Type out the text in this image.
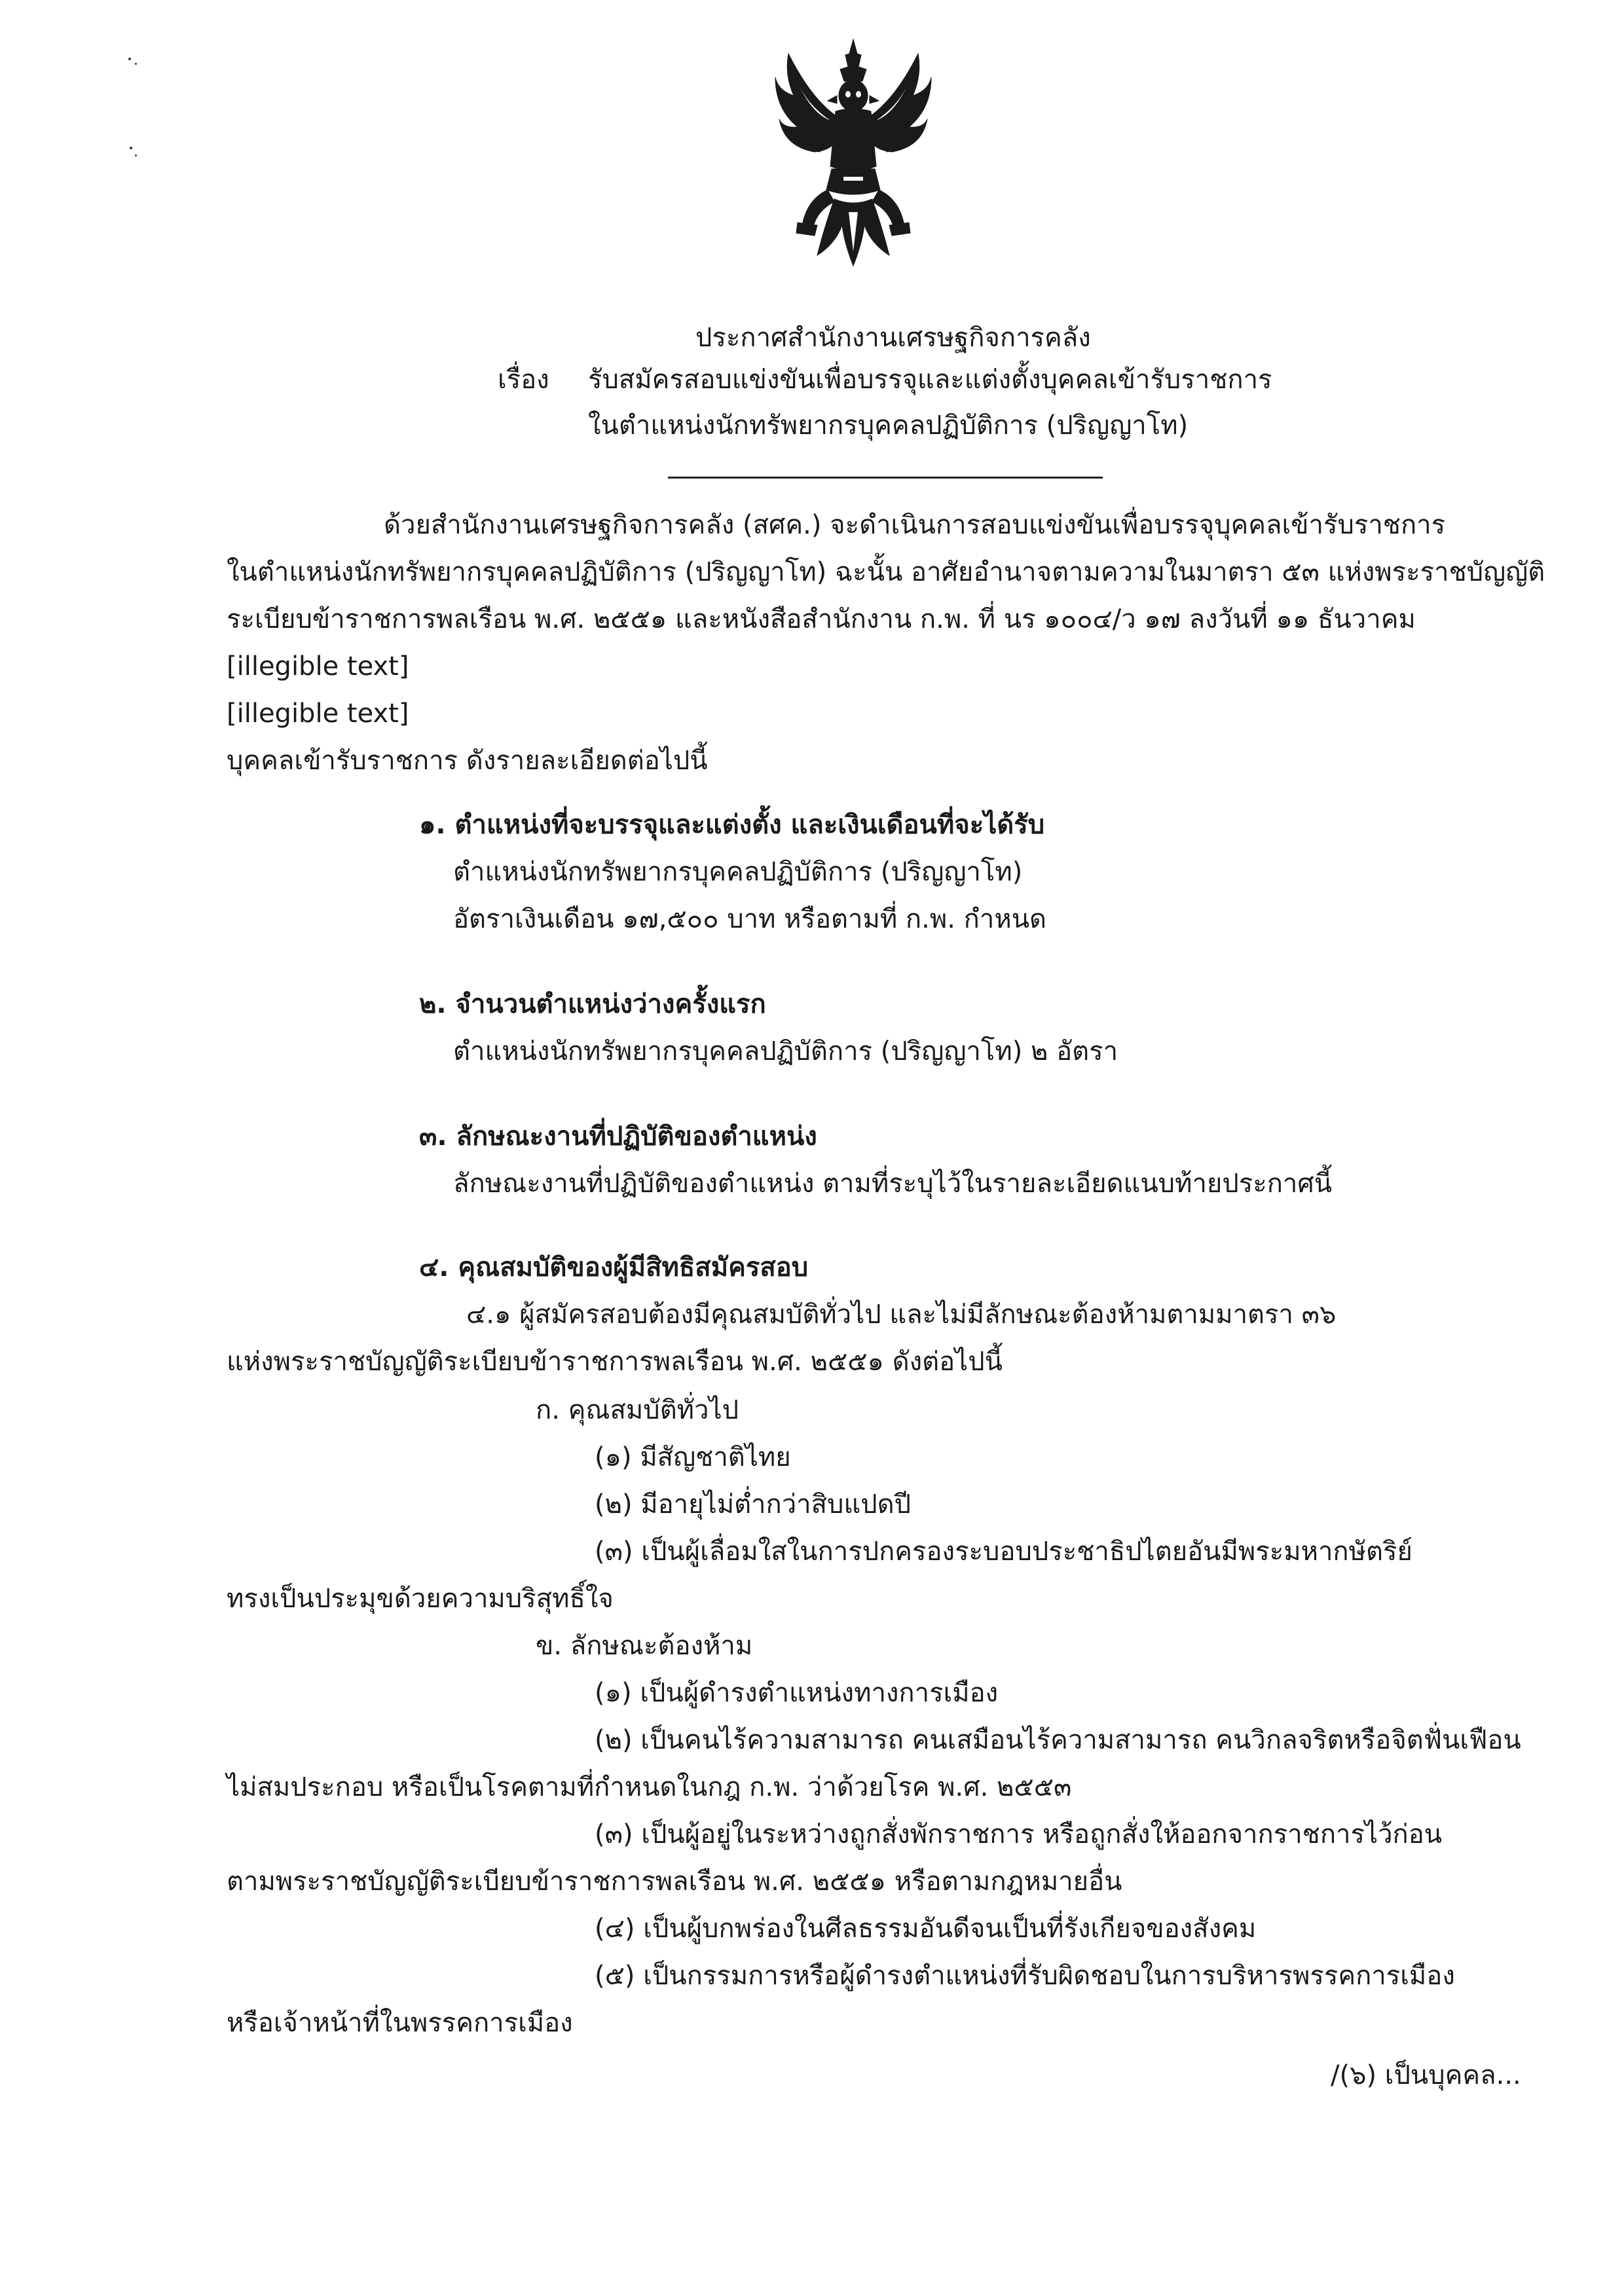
ประกาศสำนักงานเศรษฐกิจการคลัง
เรื่อง รับสมัครสอบแข่งขันเพื่อบรรจุและแต่งตั้งบุคคลเข้ารับราชการ
ในตำแหน่งนักทรัพยากรบุคคลปฏิบัติการ (ปริญญาโท)
ด้วยสำนักงานเศรษฐกิจการคลัง (สศค.) จะดำเนินการสอบแข่งขันเพื่อบรรจุบุคคลเข้ารับราชการ
ในตำแหน่งนักทรัพยากรบุคคลปฏิบัติการ (ปริญญาโท) ฉะนั้น อาศัยอำนาจตามความในมาตรา ๕๓ แห่งพระราชบัญญัติ
ระเบียบข้าราชการพลเรือน พ.ศ. ๒๕๕๑ และหนังสือสำนักงาน ก.พ. ที่ นร ๑๐๐๔/ว ๑๗ ลงวันที่ ๑๑ ธันวาคม
[illegible text]
[illegible text]
บุคคลเข้ารับราชการ ดังรายละเอียดต่อไปนี้
๑. ตำแหน่งที่จะบรรจุและแต่งตั้ง และเงินเดือนที่จะได้รับ
ตำแหน่งนักทรัพยากรบุคคลปฏิบัติการ (ปริญญาโท)
อัตราเงินเดือน ๑๗,๕๐๐ บาท หรือตามที่ ก.พ. กำหนด
๒. จำนวนตำแหน่งว่างครั้งแรก
ตำแหน่งนักทรัพยากรบุคคลปฏิบัติการ (ปริญญาโท) ๒ อัตรา
๓. ลักษณะงานที่ปฏิบัติของตำแหน่ง
ลักษณะงานที่ปฏิบัติของตำแหน่ง ตามที่ระบุไว้ในรายละเอียดแนบท้ายประกาศนี้
๔. คุณสมบัติของผู้มีสิทธิสมัครสอบ
๔.๑ ผู้สมัครสอบต้องมีคุณสมบัติทั่วไป และไม่มีลักษณะต้องห้ามตามมาตรา ๓๖
แห่งพระราชบัญญัติระเบียบข้าราชการพลเรือน พ.ศ. ๒๕๕๑ ดังต่อไปนี้
ก. คุณสมบัติทั่วไป
(๑) มีสัญชาติไทย
(๒) มีอายุไม่ต่ำกว่าสิบแปดปี
(๓) เป็นผู้เลื่อมใสในการปกครองระบอบประชาธิปไตยอันมีพระมหากษัตริย์
ทรงเป็นประมุขด้วยความบริสุทธิ์ใจ
ข. ลักษณะต้องห้าม
(๑) เป็นผู้ดำรงตำแหน่งทางการเมือง
(๒) เป็นคนไร้ความสามารถ คนเสมือนไร้ความสามารถ คนวิกลจริตหรือจิตฟั่นเฟือน
ไม่สมประกอบ หรือเป็นโรคตามที่กำหนดในกฎ ก.พ. ว่าด้วยโรค พ.ศ. ๒๕๕๓
(๓) เป็นผู้อยู่ในระหว่างถูกสั่งพักราชการ หรือถูกสั่งให้ออกจากราชการไว้ก่อน
ตามพระราชบัญญัติระเบียบข้าราชการพลเรือน พ.ศ. ๒๕๕๑ หรือตามกฎหมายอื่น
(๔) เป็นผู้บกพร่องในศีลธรรมอันดีจนเป็นที่รังเกียจของสังคม
(๕) เป็นกรรมการหรือผู้ดำรงตำแหน่งที่รับผิดชอบในการบริหารพรรคการเมือง
หรือเจ้าหน้าที่ในพรรคการเมือง
/(๖) เป็นบุคคล...
